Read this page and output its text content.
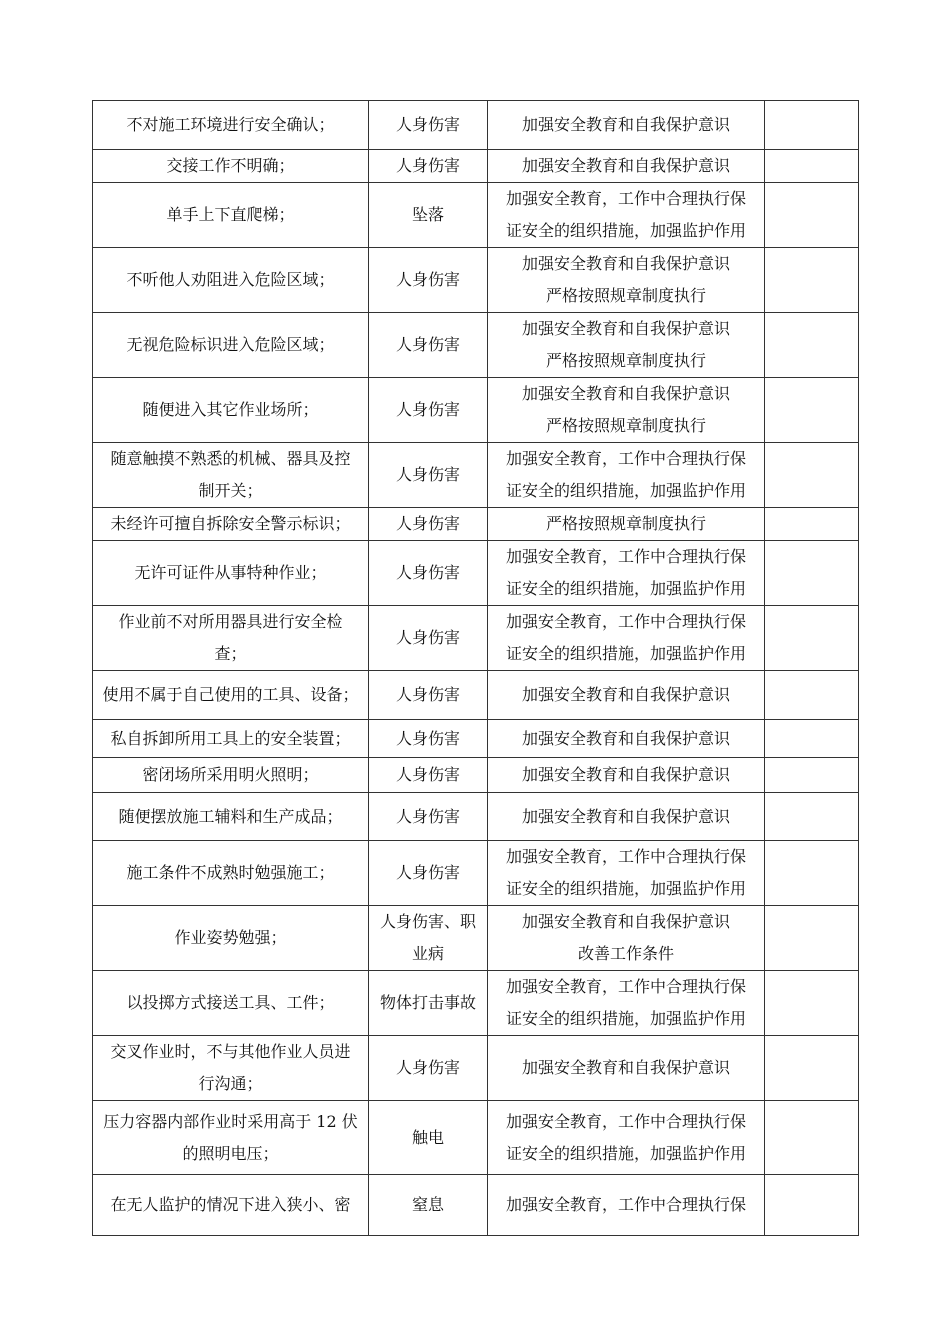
不对施工环境进行安全确认；	人身伤害	加强安全教育和自我保护意识	
交接工作不明确；	人身伤害	加强安全教育和自我保护意识	
单手上下直爬梯；	坠落	加强安全教育，工作中合理执行保
证安全的组织措施，加强监护作用	
不听他人劝阻进入危险区域；	人身伤害	加强安全教育和自我保护意识
严格按照规章制度执行	
无视危险标识进入危险区域；	人身伤害	加强安全教育和自我保护意识
严格按照规章制度执行	
随便进入其它作业场所；	人身伤害	加强安全教育和自我保护意识
严格按照规章制度执行	
随意触摸不熟悉的机械、器具及控
制开关；	人身伤害	加强安全教育，工作中合理执行保
证安全的组织措施，加强监护作用	
未经许可擅自拆除安全警示标识；	人身伤害	严格按照规章制度执行	
无许可证件从事特种作业；	人身伤害	加强安全教育，工作中合理执行保
证安全的组织措施，加强监护作用	
作业前不对所用器具进行安全检
查；	人身伤害	加强安全教育，工作中合理执行保
证安全的组织措施，加强监护作用	
使用不属于自己使用的工具、设备；	人身伤害	加强安全教育和自我保护意识	
私自拆卸所用工具上的安全装置；	人身伤害	加强安全教育和自我保护意识	
密闭场所采用明火照明；	人身伤害	加强安全教育和自我保护意识	
随便摆放施工辅料和生产成品；	人身伤害	加强安全教育和自我保护意识	
施工条件不成熟时勉强施工；	人身伤害	加强安全教育，工作中合理执行保
证安全的组织措施，加强监护作用	
作业姿势勉强；	人身伤害、职
业病	加强安全教育和自我保护意识
改善工作条件	
以投掷方式接送工具、工件；	物体打击事故	加强安全教育，工作中合理执行保
证安全的组织措施，加强监护作用	
交叉作业时，不与其他作业人员进
行沟通；	人身伤害	加强安全教育和自我保护意识	
压力容器内部作业时采用高于 12 伏
的照明电压；	触电	加强安全教育，工作中合理执行保
证安全的组织措施，加强监护作用	
在无人监护的情况下进入狭小、密	窒息	加强安全教育，工作中合理执行保	
